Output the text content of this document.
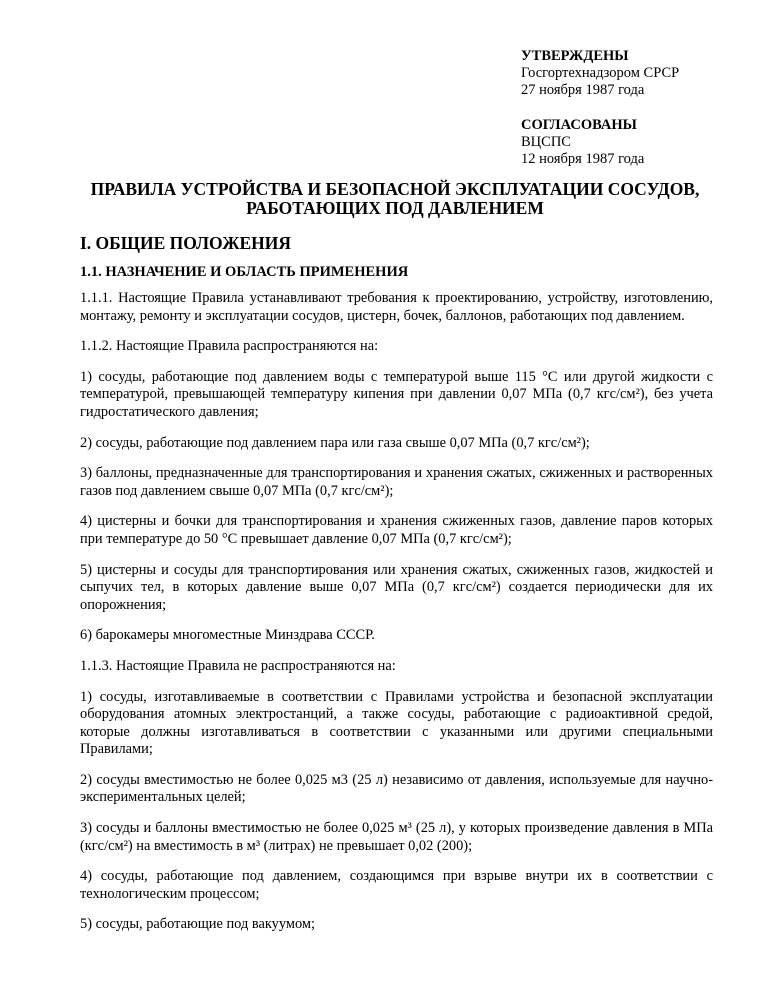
УТВЕРЖДЕНЫ
Госгортехнадзором СРСР
27 ноября 1987 года
СОГЛАСОВАНЫ
ВЦСПС
12 ноября 1987 года
ПРАВИЛА УСТРОЙСТВА И БЕЗОПАСНОЙ ЭКСПЛУАТАЦИИ СОСУДОВ,
РАБОТАЮЩИХ ПОД ДАВЛЕНИЕМ
I. ОБЩИЕ ПОЛОЖЕНИЯ
1.1. НАЗНАЧЕНИЕ И ОБЛАСТЬ ПРИМЕНЕНИЯ

1.1.1. Настоящие Правила устанавливают требования к проектированию, устройству, изготовлению, монтажу, ремонту и эксплуатации сосудов, цистерн, бочек, баллонов, работающих под давлением.

1.1.2. Настоящие Правила распространяются на:

1) сосуды, работающие под давлением воды с температурой выше 115 °С или другой жидкости с температурой, превышающей температуру кипения при давлении 0,07 МПа (0,7 кгс/см²), без учета гидростатического давления;

2) сосуды, работающие под давлением пара или газа свыше 0,07 МПа (0,7 кгс/см²);

3) баллоны, предназначенные для транспортирования и хранения сжатых, сжиженных и растворенных газов под давлением свыше 0,07 МПа (0,7 кгс/см²);

4) цистерны и бочки для транспортирования и хранения сжиженных газов, давление паров которых при температуре до 50 °С превышает давление 0,07 МПа (0,7 кгс/см²);

5) цистерны и сосуды для транспортирования или хранения сжатых, сжиженных газов, жидкостей и сыпучих тел, в которых давление выше 0,07 МПа (0,7 кгс/см²) создается периодически для их опорожнения;

6) барокамеры многоместные Минздрава СССР.

1.1.3. Настоящие Правила не распространяются на:

1) сосуды, изготавливаемые в соответствии с Правилами устройства и безопасной эксплуатации оборудования атомных электростанций, а также сосуды, работающие с радиоактивной средой, которые должны изготавливаться в соответствии с указанными или другими специальными Правилами;

2) сосуды вместимостью не более 0,025 м3 (25 л) независимо от давления, используемые для научно-экспериментальных целей;

3) сосуды и баллоны вместимостью не более 0,025 м³ (25 л), у которых произведение давления в МПа (кгс/см²) на вместимость в м³ (литрах) не превышает 0,02 (200);

4) сосуды, работающие под давлением, создающимся при взрыве внутри их в соответствии с технологическим процессом;

5) сосуды, работающие под вакуумом;
